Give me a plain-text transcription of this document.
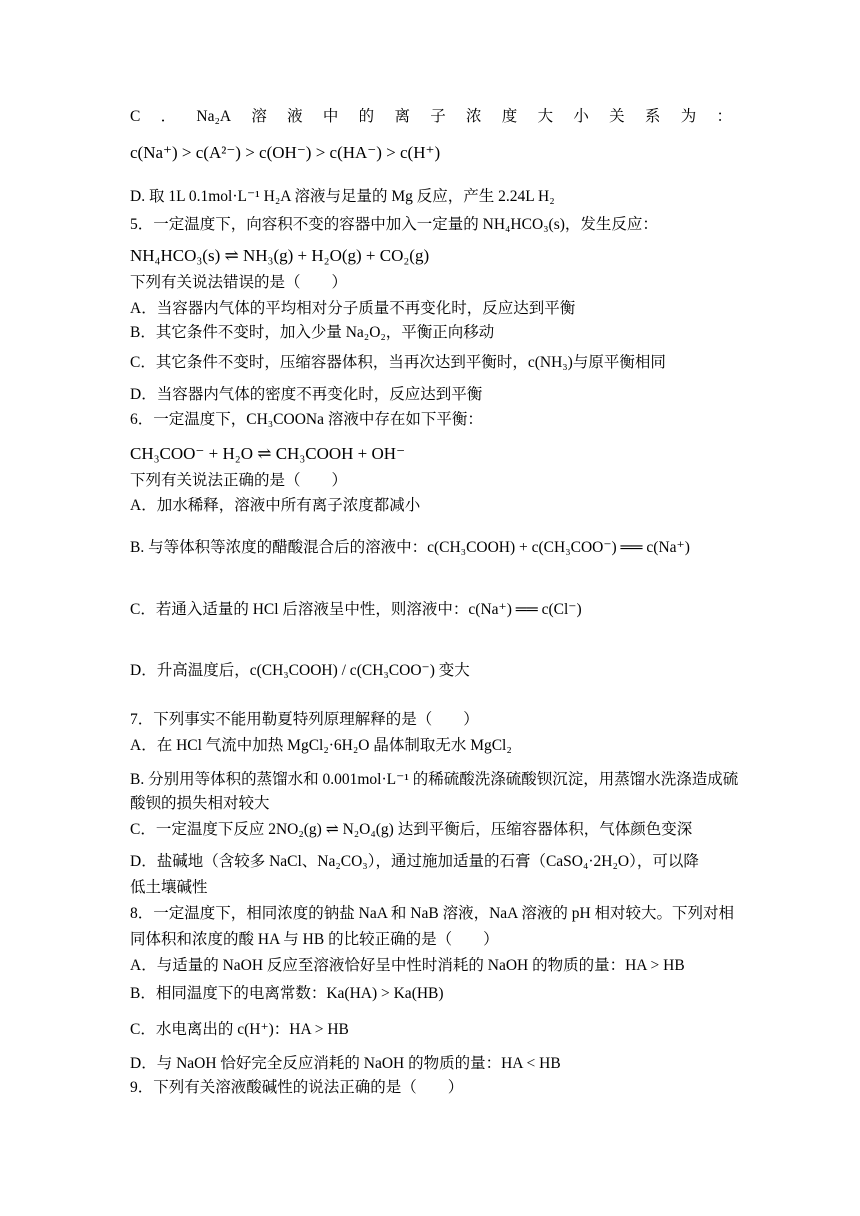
C ． Na₂A 溶 液 中 的 离 子 浓 度 大 小 关 系 为 ：
c(Na⁺) > c(A²⁻) > c(OH⁻) > c(HA⁻) > c(H⁺)
D. 取 1L 0.1mol·L⁻¹ H₂A 溶液与足量的 Mg 反应，产生 2.24L H₂
5．一定温度下，向容积不变的容器中加入一定量的 NH₄HCO₃(s)，发生反应：
NH₄HCO₃(s) ⇌ NH₃(g) + H₂O(g) + CO₂(g)
下列有关说法错误的是（　　）
A．当容器内气体的平均相对分子质量不再变化时，反应达到平衡
B．其它条件不变时，加入少量 Na₂O₂，平衡正向移动
C．其它条件不变时，压缩容器体积，当再次达到平衡时，c(NH₃)与原平衡相同
D．当容器内气体的密度不再变化时，反应达到平衡
6．一定温度下，CH₃COONa 溶液中存在如下平衡：
CH₃COO⁻ + H₂O ⇌ CH₃COOH + OH⁻
下列有关说法正确的是（　　）
A．加水稀释，溶液中所有离子浓度都减小
B. 与等体积等浓度的醋酸混合后的溶液中：c(CH₃COOH) + c(CH₃COO⁻) ══ c(Na⁺)
C．若通入适量的 HCl 后溶液呈中性，则溶液中：c(Na⁺) ══ c(Cl⁻)
D．升高温度后，c(CH₃COOH) / c(CH₃COO⁻) 变大
7．下列事实不能用勒夏特列原理解释的是（　　）
A．在 HCl 气流中加热 MgCl₂·6H₂O 晶体制取无水 MgCl₂
B. 分别用等体积的蒸馏水和 0.001mol·L⁻¹ 的稀硫酸洗涤硫酸钡沉淀，用蒸馏水洗涤造成硫
酸钡的损失相对较大
C．一定温度下反应 2NO₂(g) ⇌ N₂O₄(g) 达到平衡后，压缩容器体积，气体颜色变深
D．盐碱地（含较多 NaCl、Na₂CO₃），通过施加适量的石膏（CaSO₄·2H₂O），可以降
低土壤碱性
8．一定温度下，相同浓度的钠盐 NaA 和 NaB 溶液，NaA 溶液的 pH 相对较大。下列对相
同体积和浓度的酸 HA 与 HB 的比较正确的是（　　）
A．与适量的 NaOH 反应至溶液恰好呈中性时消耗的 NaOH 的物质的量：HA > HB
B．相同温度下的电离常数：Ka(HA) > Ka(HB)
C．水电离出的 c(H⁺)：HA > HB
D．与 NaOH 恰好完全反应消耗的 NaOH 的物质的量：HA < HB
9．下列有关溶液酸碱性的说法正确的是（　　）
